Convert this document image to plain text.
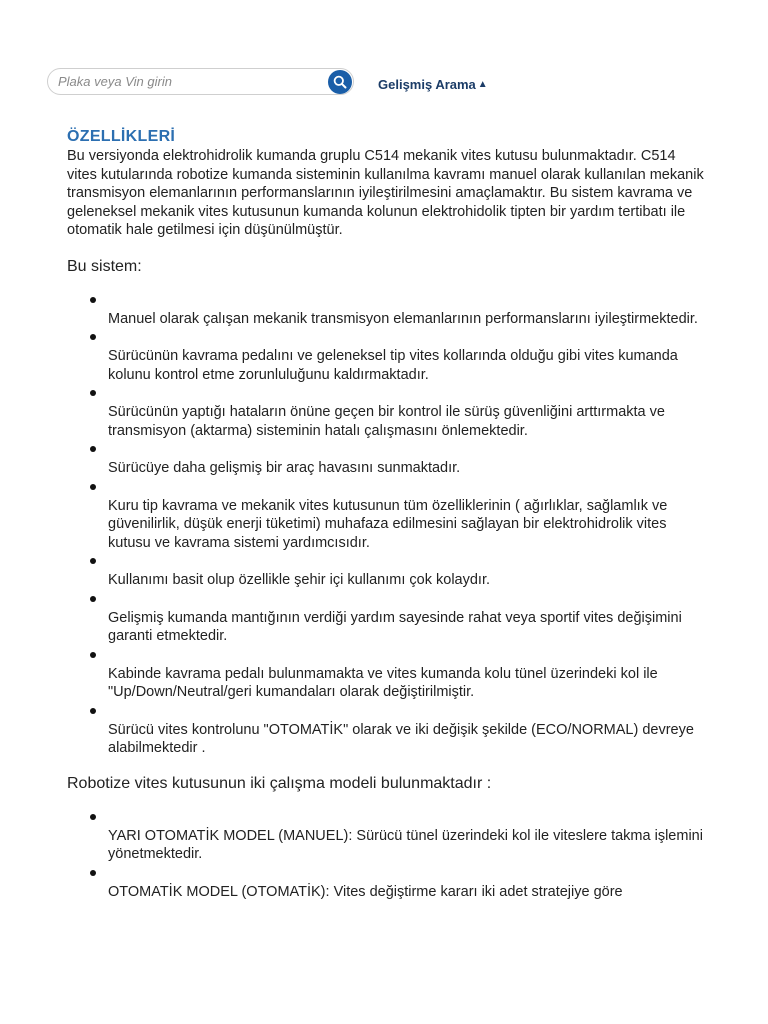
Plaka veya Vin girin
Gelişmiş Arama ▲
ÖZELLİKLERİ

Bu versiyonda elektrohidrolik kumanda gruplu C514 mekanik vites kutusu bulunmaktadır. C514 vites kutularında robotize kumanda sisteminin kullanılma kavramı manuel olarak kullanılan mekanik transmisyon elemanlarının performanslarının iyileştirilmesini amaçlamaktır. Bu sistem kavrama ve geleneksel mekanik vites kutusunun kumanda kolunun elektrohidolik tipten bir yardım tertibatı ile otomatik hale getilmesi için düşünülmüştür.

Bu sistem:

Manuel olarak çalışan mekanik transmisyon elemanlarının performanslarını iyileştirmektedir.
Sürücünün kavrama pedalını ve geleneksel tip vites kollarında olduğu gibi vites kumanda kolunu kontrol etme zorunluluğunu kaldırmaktadır.
Sürücünün yaptığı hataların önüne geçen bir kontrol ile sürüş güvenliğini arttırmakta ve transmisyon (aktarma) sisteminin hatalı çalışmasını önlemektedir.
Sürücüye daha gelişmiş bir araç havasını sunmaktadır.
Kuru tip kavrama ve mekanik vites kutusunun tüm özelliklerinin ( ağırlıklar, sağlamlık ve güvenilirlik, düşük enerji tüketimi) muhafaza edilmesini sağlayan bir elektrohidrolik vites kutusu ve kavrama sistemi yardımcısıdır.
Kullanımı basit olup özellikle şehir içi kullanımı çok kolaydır.
Gelişmiş kumanda mantığının verdiği yardım sayesinde rahat veya sportif vites değişimini garanti etmektedir.
Kabinde kavrama pedalı bulunmamakta ve vites kumanda kolu tünel üzerindeki kol ile "Up/Down/Neutral/geri kumandaları olarak değiştirilmiştir.
Sürücü vites kontrolunu "OTOMATİK" olarak ve iki değişik şekilde (ECO/NORMAL) devreye alabilmektedir .

Robotize vites kutusunun iki çalışma modeli bulunmaktadır :

YARI OTOMATİK MODEL (MANUEL): Sürücü tünel üzerindeki kol ile viteslere takma işlemini yönetmektedir.
OTOMATİK MODEL (OTOMATİK): Vites değiştirme kararı iki adet stratejiye göre
